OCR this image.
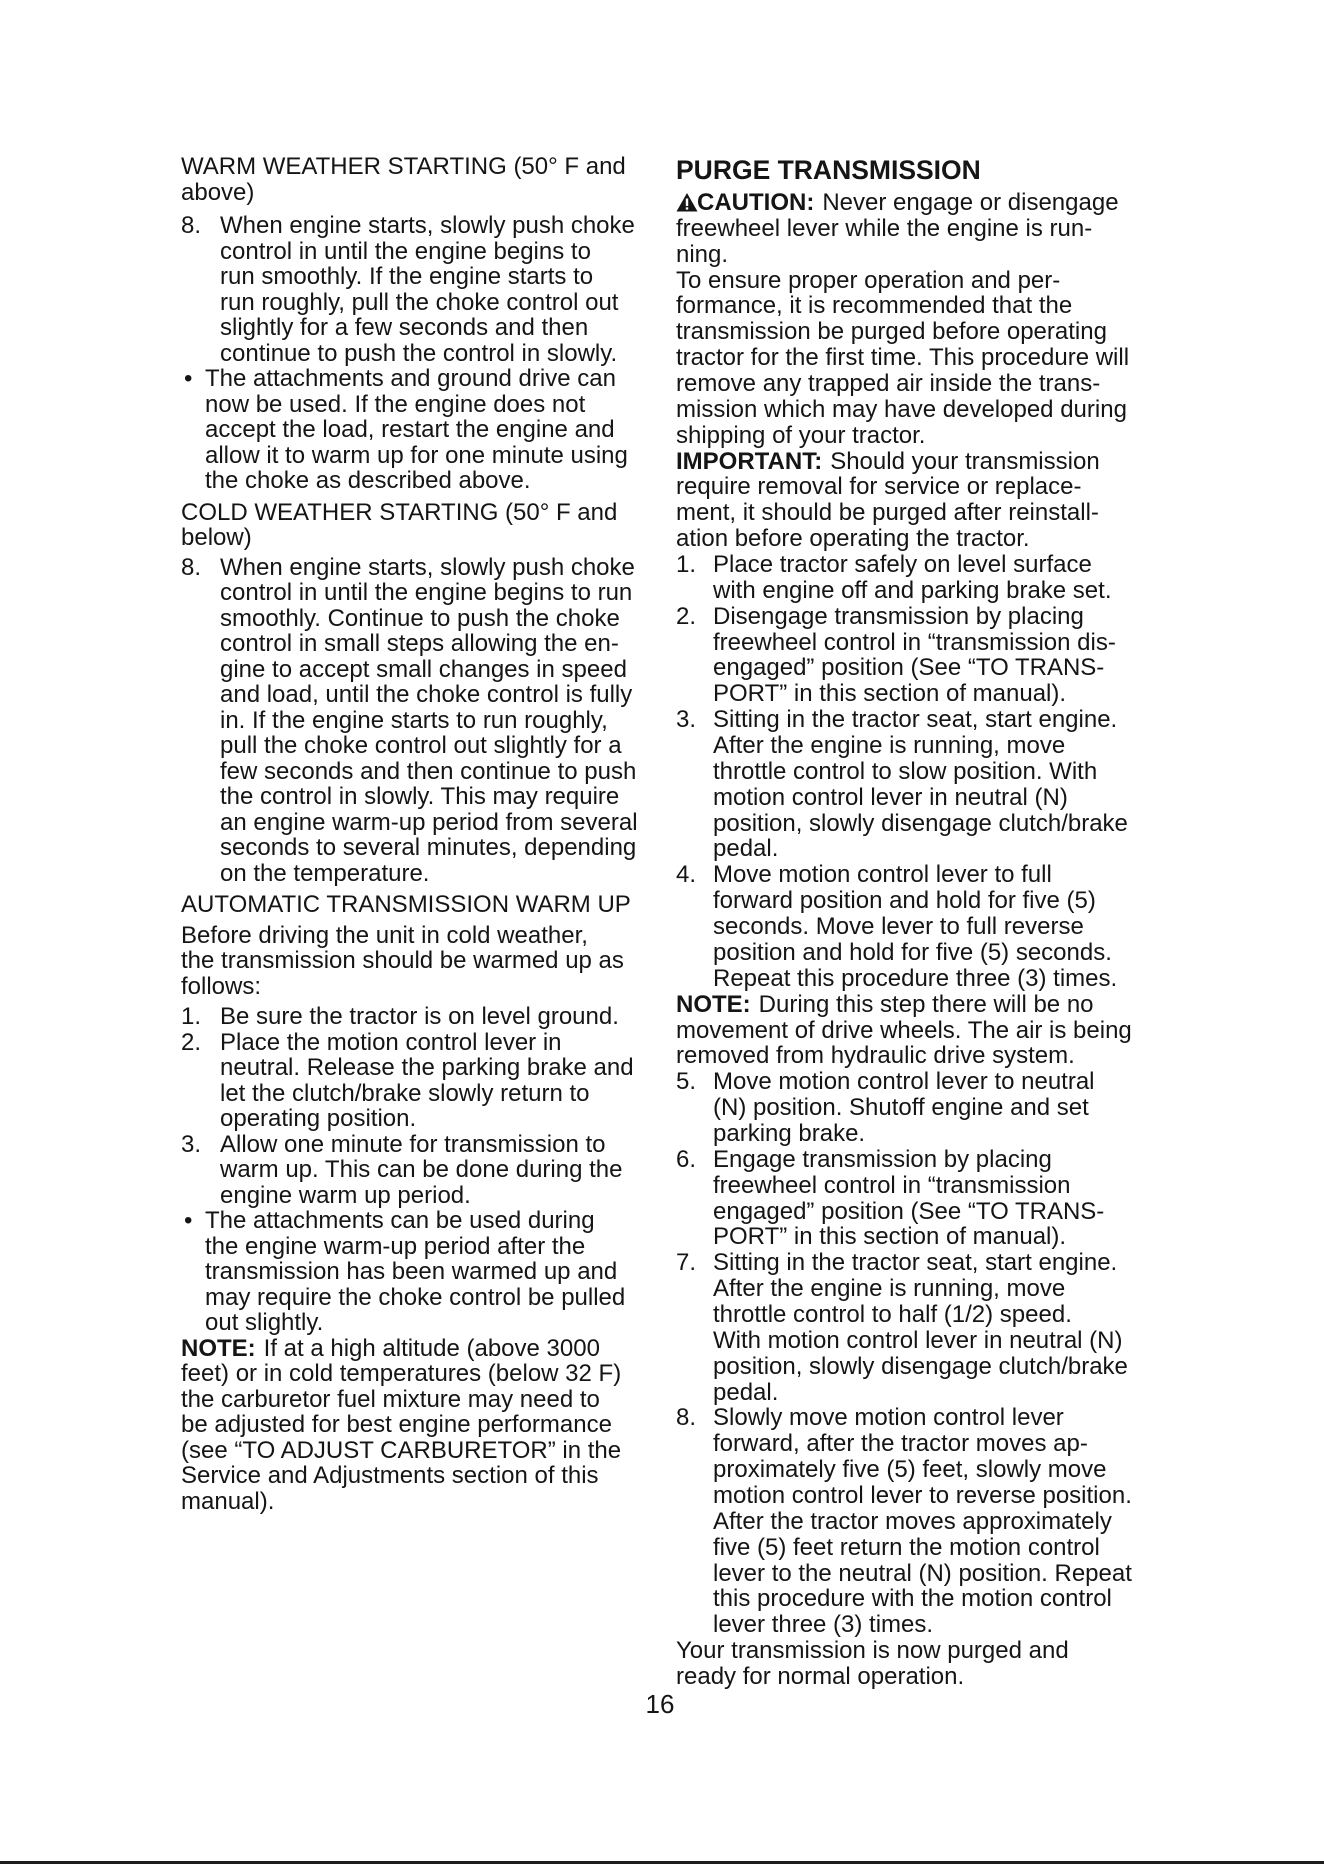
WARM WEATHER STARTING (50° F and
above)
8. When engine starts, slowly push choke
control in until the engine begins to
run smoothly. If the engine starts to
run roughly, pull the choke control out
slightly for a few seconds and then
continue to push the control in slowly.
• The attachments and ground drive can
now be used. If the engine does not
accept the load, restart the engine and
allow it to warm up for one minute using
the choke as described above.
COLD WEATHER STARTING (50° F and
below)
8. When engine starts, slowly push choke
control in until the engine begins to run
smoothly. Continue to push the choke
control in small steps allowing the en-
gine to accept small changes in speed
and load, until the choke control is fully
in. If the engine starts to run roughly,
pull the choke control out slightly for a
few seconds and then continue to push
the control in slowly. This may require
an engine warm-up period from several
seconds to several minutes, depending
on the temperature.
AUTOMATIC TRANSMISSION WARM UP
Before driving the unit in cold weather,
the transmission should be warmed up as
follows:
1. Be sure the tractor is on level ground.
2. Place the motion control lever in
neutral. Release the parking brake and
let the clutch/brake slowly return to
operating position.
3. Allow one minute for transmission to
warm up. This can be done during the
engine warm up period.
• The attachments can be used during
the engine warm-up period after the
transmission has been warmed up and
may require the choke control be pulled
out slightly.
NOTE: If at a high altitude (above 3000
feet) or in cold temperatures (below 32 F)
the carburetor fuel mixture may need to
be adjusted for best engine performance
(see “TO ADJUST CARBURETOR” in the
Service and Adjustments section of this
manual).
PURGE TRANSMISSION
CAUTION: Never engage or disengage
freewheel lever while the engine is run-
ning.
To ensure proper operation and per-
formance, it is recommended that the
transmission be purged before operating
tractor for the first time. This procedure will
remove any trapped air inside the trans-
mission which may have developed during
shipping of your tractor.
IMPORTANT: Should your transmission
require removal for service or replace-
ment, it should be purged after reinstall-
ation before operating the tractor.
1. Place tractor safely on level surface
with engine off and parking brake set.
2. Disengage transmission by placing
freewheel control in “transmission dis-
engaged” position (See “TO TRANS-
PORT” in this section of manual).
3. Sitting in the tractor seat, start engine.
After the engine is running, move
throttle control to slow position. With
motion control lever in neutral (N)
position, slowly disengage clutch/brake
pedal.
4. Move motion control lever to full
forward position and hold for five (5)
seconds. Move lever to full reverse
position and hold for five (5) seconds.
Repeat this procedure three (3) times.
NOTE: During this step there will be no
movement of drive wheels. The air is being
removed from hydraulic drive system.
5. Move motion control lever to neutral
(N) position. Shutoff engine and set
parking brake.
6. Engage transmission by placing
freewheel control in “transmission
engaged” position (See “TO TRANS-
PORT” in this section of manual).
7. Sitting in the tractor seat, start engine.
After the engine is running, move
throttle control to half (1/2) speed.
With motion control lever in neutral (N)
position, slowly disengage clutch/brake
pedal.
8. Slowly move motion control lever
forward, after the tractor moves ap-
proximately five (5) feet, slowly move
motion control lever to reverse position.
After the tractor moves approximately
five (5) feet return the motion control
lever to the neutral (N) position. Repeat
this procedure with the motion control
lever three (3) times.
Your transmission is now purged and
ready for normal operation.
16
